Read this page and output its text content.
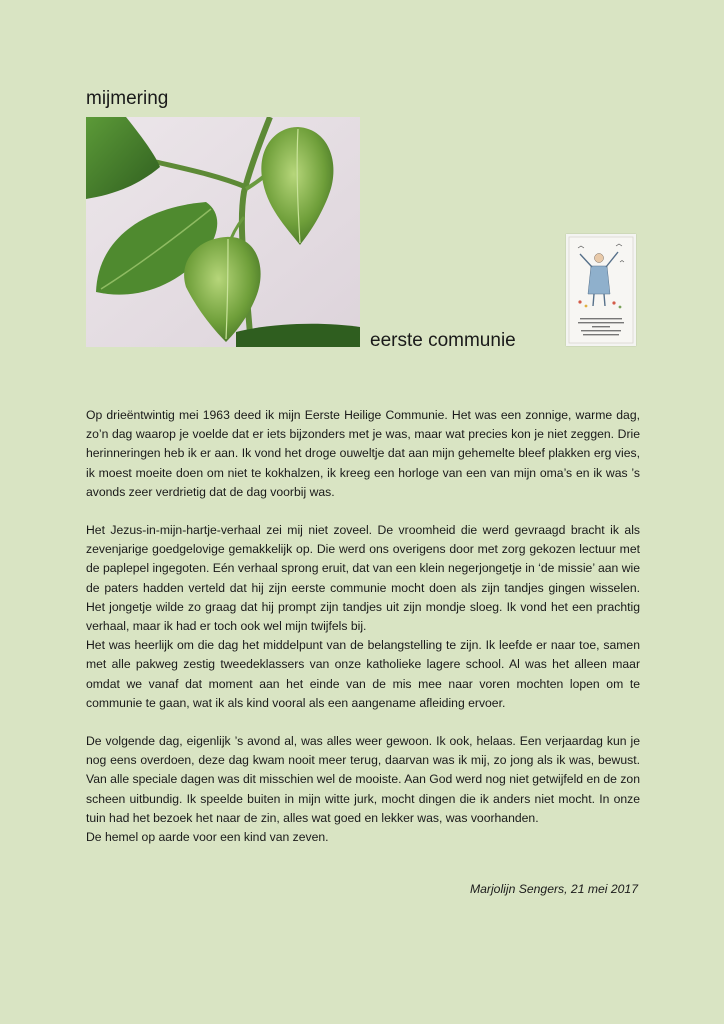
mijmering
eerste communie

Op drieëntwintig mei 1963 deed ik mijn Eerste Heilige Communie. Het was een zonnige, warme dag, zo’n dag waarop je voelde dat er iets bijzonders met je was, maar wat precies kon je niet zeggen. Drie herinneringen heb ik er aan. Ik vond het droge ouweltje dat aan mijn gehemelte bleef plakken erg vies, ik moest moeite doen om niet te kokhalzen, ik kreeg een horloge van een van mijn oma’s en ik was ’s avonds zeer verdrietig dat de dag voorbij was.

Het Jezus-in-mijn-hartje-verhaal zei mij niet zoveel. De vroomheid die werd gevraagd bracht ik als zevenjarige goedgelovige gemakkelijk op. Die werd ons overigens door met zorg gekozen lectuur met de paplepel ingegoten. Eén verhaal sprong eruit, dat van een klein negerjongetje in ‘de missie’ aan wie de paters hadden verteld dat hij zijn eerste communie mocht doen als zijn tandjes gingen wisselen. Het jongetje wilde zo graag dat hij prompt zijn tandjes uit zijn mondje sloeg. Ik vond het een prachtig verhaal, maar ik had er toch ook wel mijn twijfels bij.

Het was heerlijk om die dag het middelpunt van de belangstelling te zijn. Ik leefde er naar toe, samen met alle pakweg zestig tweedeklassers van onze katholieke lagere school. Al was het alleen maar omdat we vanaf dat moment aan het einde van de mis mee naar voren mochten lopen om te communie te gaan, wat ik als kind vooral als een aangename afleiding ervoer.

De volgende dag, eigenlijk ’s avond al, was alles weer gewoon. Ik ook, helaas. Een verjaardag kun je nog eens overdoen, deze dag kwam nooit meer terug, daarvan was ik mij, zo jong als ik was, bewust. Van alle speciale dagen was dit misschien wel de mooiste. Aan God werd nog niet getwijfeld en de zon scheen uitbundig. Ik speelde buiten in mijn witte jurk, mocht dingen die ik anders niet mocht. In onze tuin had het bezoek het naar de zin, alles wat goed en lekker was, was voorhanden.

De hemel op aarde voor een kind van zeven.

Marjolijn Sengers, 21 mei 2017
